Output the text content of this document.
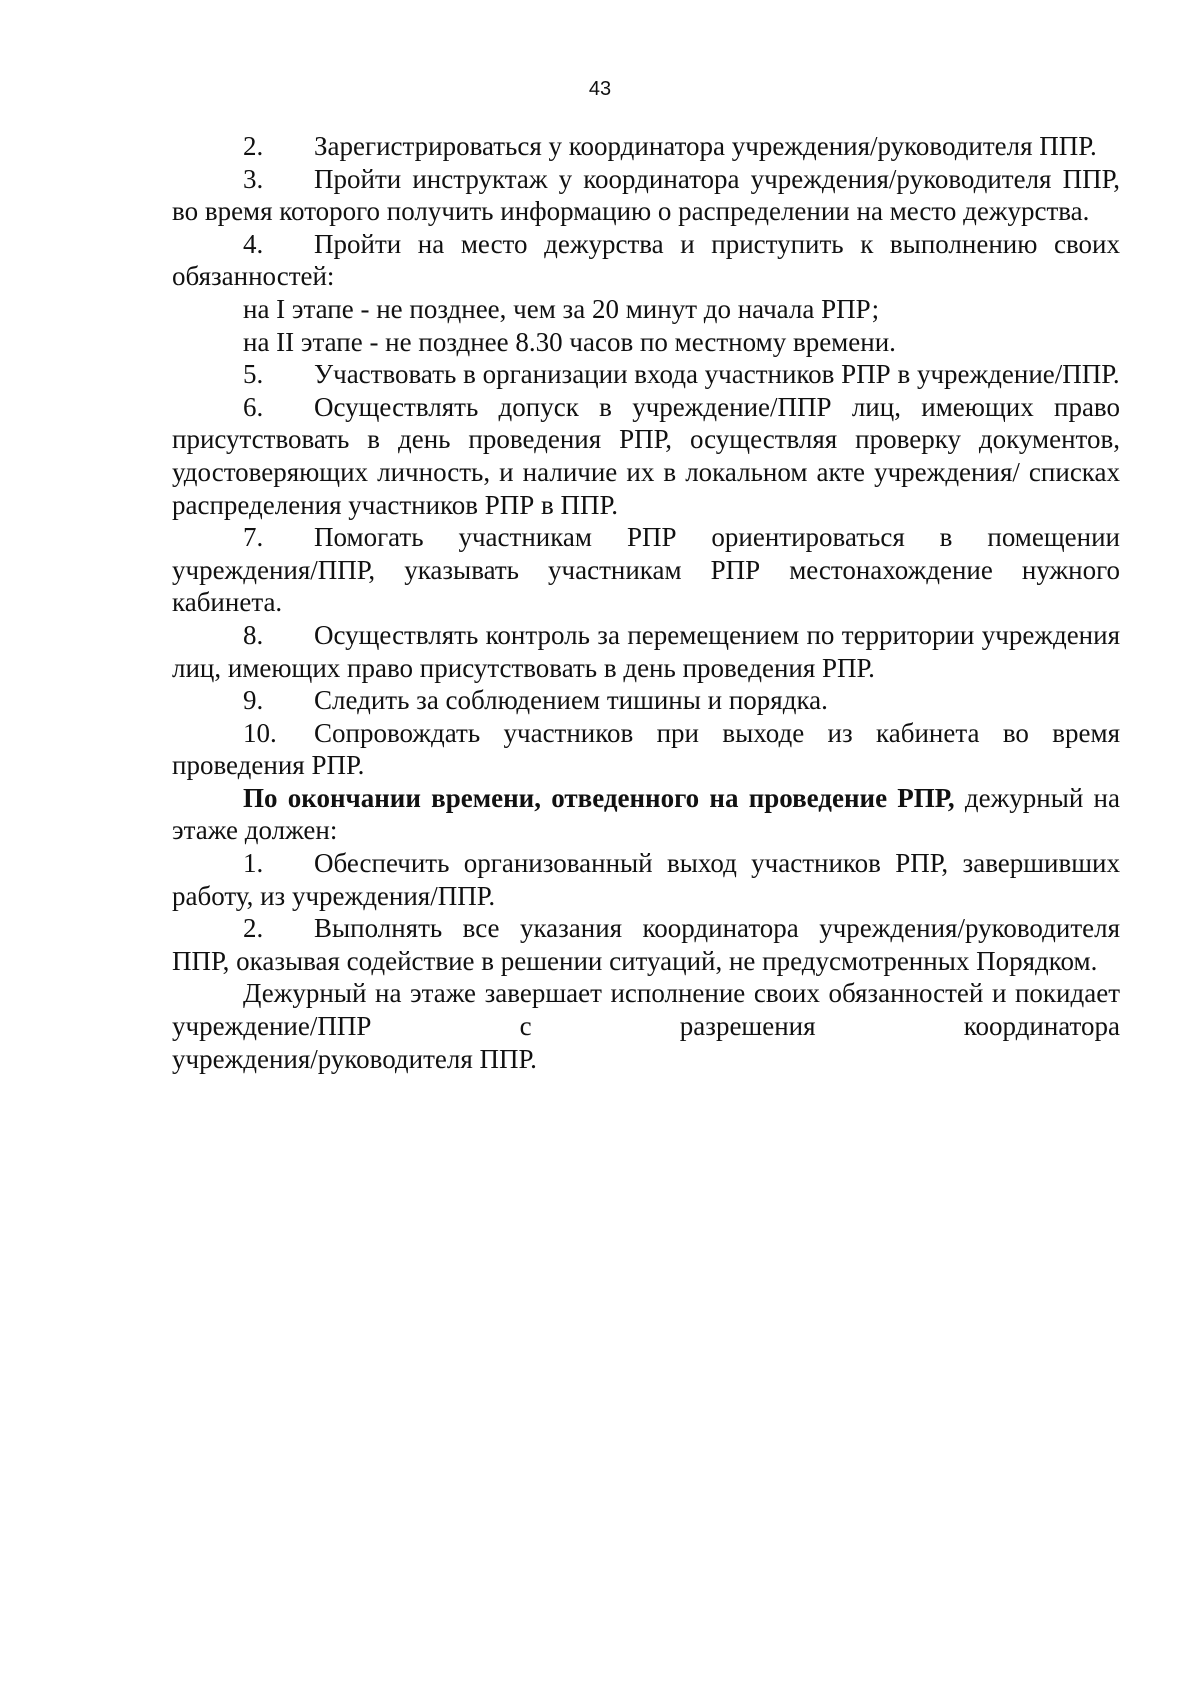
43

2. Зарегистрироваться у координатора учреждения/руководителя ППР.

3. Пройти инструктаж у координатора учреждения/руководителя ППР, во время которого получить информацию о распределении на место дежурства.

4. Пройти на место дежурства и приступить к выполнению своих обязанностей:

на I этапе - не позднее, чем за 20 минут до начала РПР;

на II этапе - не позднее 8.30 часов по местному времени.

5. Участвовать в организации входа участников РПР в учреждение/ППР.

6. Осуществлять допуск в учреждение/ППР лиц, имеющих право присутствовать в день проведения РПР, осуществляя проверку документов, удостоверяющих личность, и наличие их в локальном акте учреждения/ списках распределения участников РПР в ППР.

7. Помогать участникам РПР ориентироваться в помещении учреждения/ППР, указывать участникам РПР местонахождение нужного кабинета.

8. Осуществлять контроль за перемещением по территории учреждения лиц, имеющих право присутствовать в день проведения РПР.

9. Следить за соблюдением тишины и порядка.

10. Сопровождать участников при выходе из кабинета во время проведения РПР.

По окончании времени, отведенного на проведение РПР, дежурный на этаже должен:

1. Обеспечить организованный выход участников РПР, завершивших работу, из учреждения/ППР.

2. Выполнять все указания координатора учреждения/руководителя ППР, оказывая содействие в решении ситуаций, не предусмотренных Порядком.

Дежурный на этаже завершает исполнение своих обязанностей и покидает учреждение/ППР с разрешения координатора

учреждения/руководителя ППР.
